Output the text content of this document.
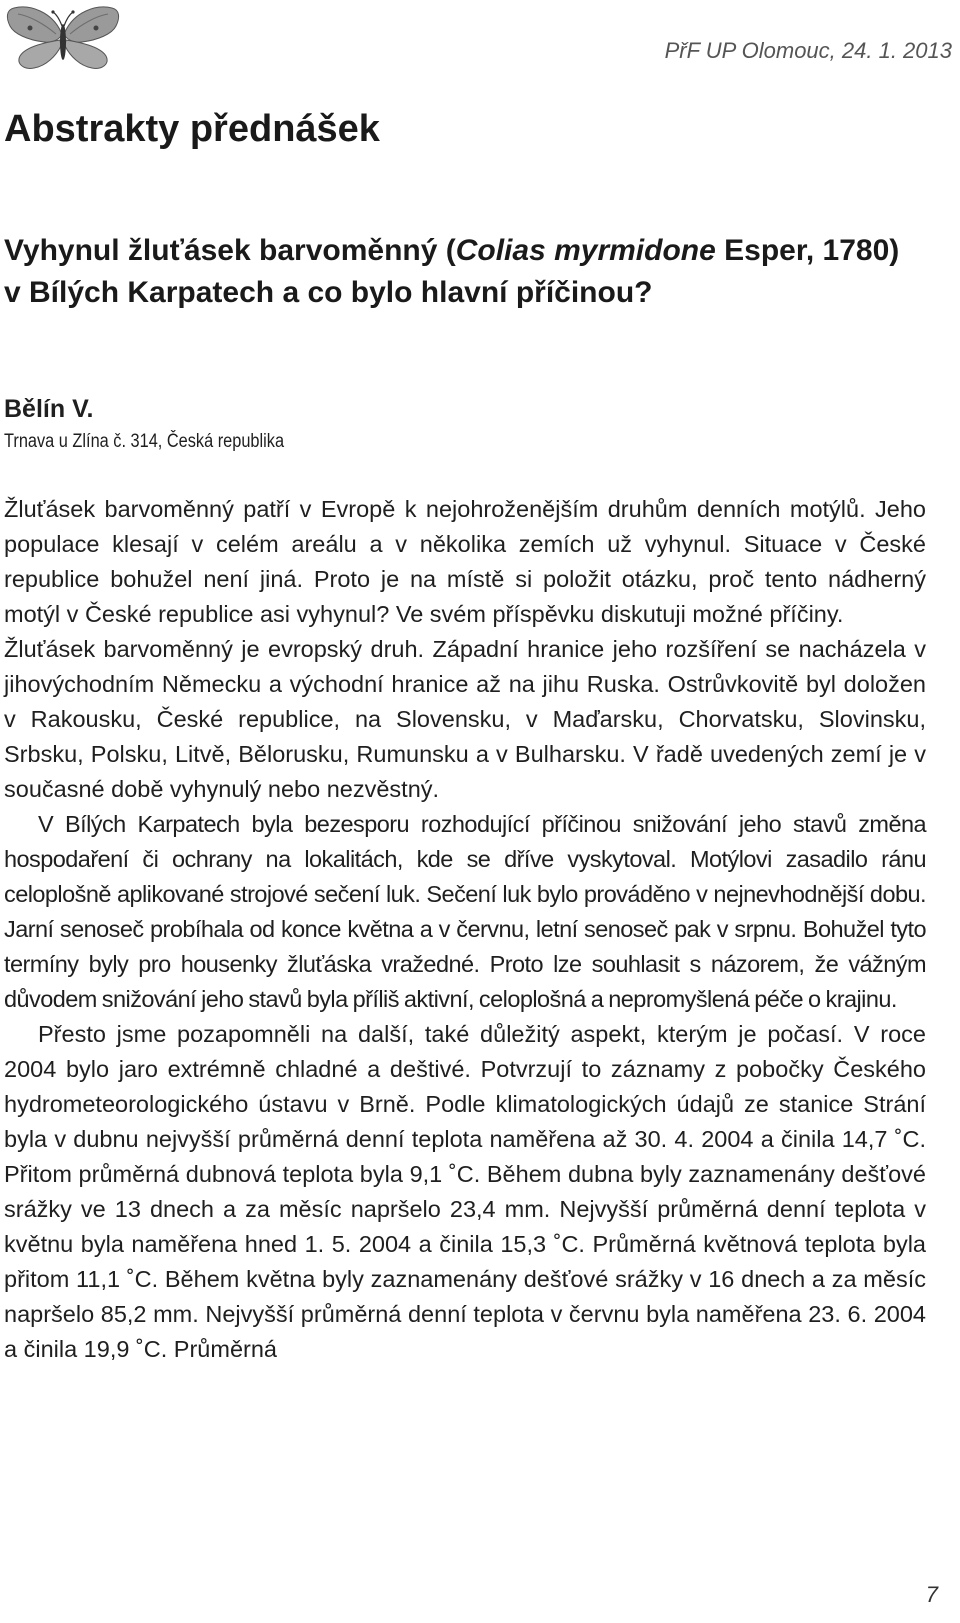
PřF UP Olomouc, 24. 1. 2013
Abstrakty přednášek
Vyhynul žluťásek barvoměnný (Colias myrmidone Esper, 1780) v Bílých Karpatech a co bylo hlavní příčinou?
Bělín V.
Trnava u Zlína č. 314, Česká republika

Žluťásek barvoměnný patří v Evropě k nejohroženějším druhům denních motýlů. Jeho populace klesají v celém areálu a v několika zemích už vyhynul. Situace v České republice bohužel není jiná. Proto je na místě si položit otázku, proč tento nádherný motýl v České republice asi vyhynul? Ve svém příspěvku diskutuji možné příčiny.

Žluťásek barvoměnný je evropský druh. Západní hranice jeho rozšíření se nacházela v jihovýchodním Německu a východní hranice až na jihu Ruska. Ostrůvkovitě byl doložen v Rakousku, České republice, na Slovensku, v Maďarsku, Chorvatsku, Slovinsku, Srbsku, Polsku, Litvě, Bělorusku, Rumunsku a v Bulharsku. V řadě uvedených zemí je v současné době vyhynulý nebo nezvěstný.

V Bílých Karpatech byla bezesporu rozhodující příčinou snižování jeho stavů změna hospodaření či ochrany na lokalitách, kde se dříve vyskytoval. Motýlovi zasadilo ránu celoplošně aplikované strojové sečení luk. Sečení luk bylo prováděno v nejnevhodnější dobu. Jarní senoseč probíhala od konce května a v červnu, letní senoseč pak v srpnu. Bohužel tyto termíny byly pro housenky žluťáska vražedné. Proto lze souhlasit s názorem, že vážným důvodem snižování jeho stavů byla příliš aktivní, celoplošná a nepromyšlená péče o krajinu.

Přesto jsme pozapomněli na další, také důležitý aspekt, kterým je počasí. V roce 2004 bylo jaro extrémně chladné a deštivé. Potvrzují to záznamy z pobočky Českého hydrometeorologického ústavu v Brně. Podle klimatologických údajů ze stanice Strání byla v dubnu nejvyšší průměrná denní teplota naměřena až 30. 4. 2004 a činila 14,7 ˚C. Přitom průměrná dubnová teplota byla 9,1 ˚C. Během dubna byly zaznamenány dešťové srážky ve 13 dnech a za měsíc napršelo 23,4 mm. Nejvyšší průměrná denní teplota v květnu byla naměřena hned 1. 5. 2004 a činila 15,3 ˚C. Průměrná květnová teplota byla přitom 11,1 ˚C. Během května byly zaznamenány dešťové srážky v 16 dnech a za měsíc napršelo 85,2 mm. Nejvyšší průměrná denní teplota v červnu byla naměřena 23. 6. 2004 a činila 19,9 ˚C. Průměrná

7
